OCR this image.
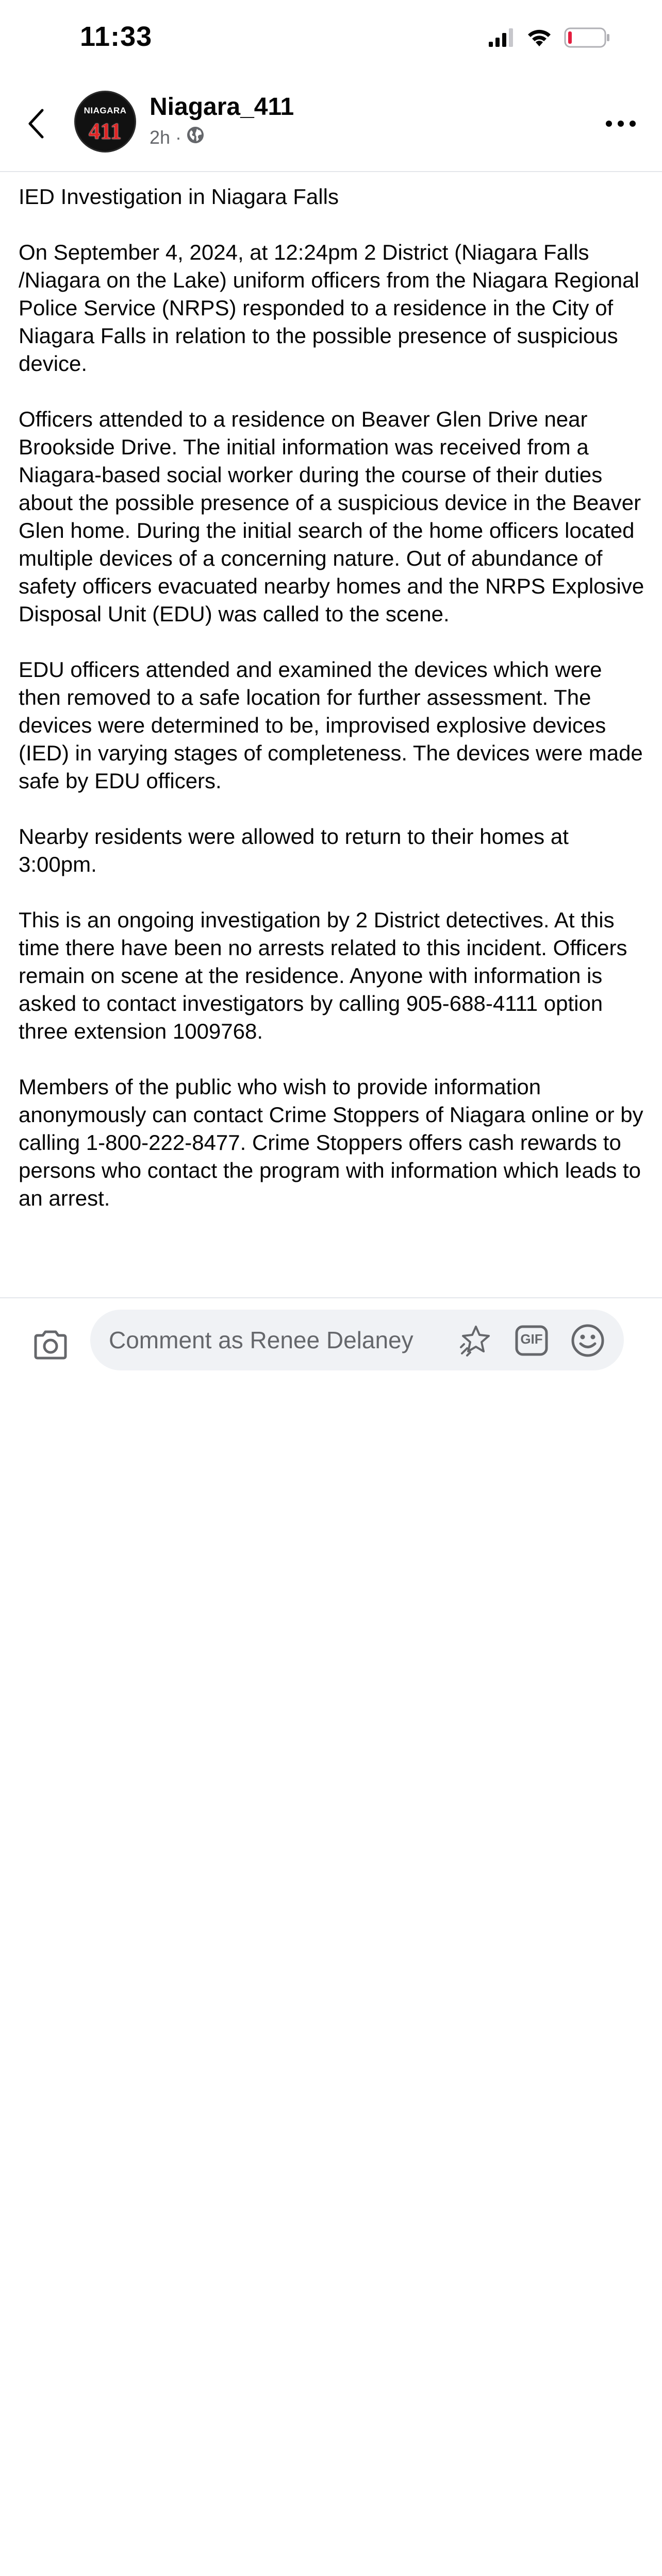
11:33
NIAGARA
411
Niagara_411
2h ·

IED Investigation in Niagara Falls

On September 4, 2024, at 12:24pm 2 District (Niagara Falls /Niagara on the Lake) uniform officers from the Niagara Regional Police Service (NRPS) responded to a residence in the City of Niagara Falls in relation to the possible presence of suspicious device.

Officers attended to a residence on Beaver Glen Drive near Brookside Drive. The initial information was received from a Niagara-based social worker during the course of their duties about the possible presence of a suspicious device in the Beaver Glen home. During the initial search of the home officers located multiple devices of a concerning nature. Out of abundance of safety officers evacuated nearby homes and the NRPS Explosive Disposal Unit (EDU) was called to the scene.

EDU officers attended and examined the devices which were then removed to a safe location for further assessment. The devices were determined to be, improvised explosive devices (IED) in varying stages of completeness. The devices were made safe by EDU officers.

Nearby residents were allowed to return to their homes at 3:00pm.

This is an ongoing investigation by 2 District detectives. At this time there have been no arrests related to this incident. Officers remain on scene at the residence. Anyone with information is asked to contact investigators by calling 905-688-4111 option three extension 1009768.

Members of the public who wish to provide information anonymously can contact Crime Stoppers of Niagara online or by calling 1-800-222-8477. Crime Stoppers offers cash rewards to persons who contact the program with information which leads to an arrest.

Comment as Renee Delaney
GIF
